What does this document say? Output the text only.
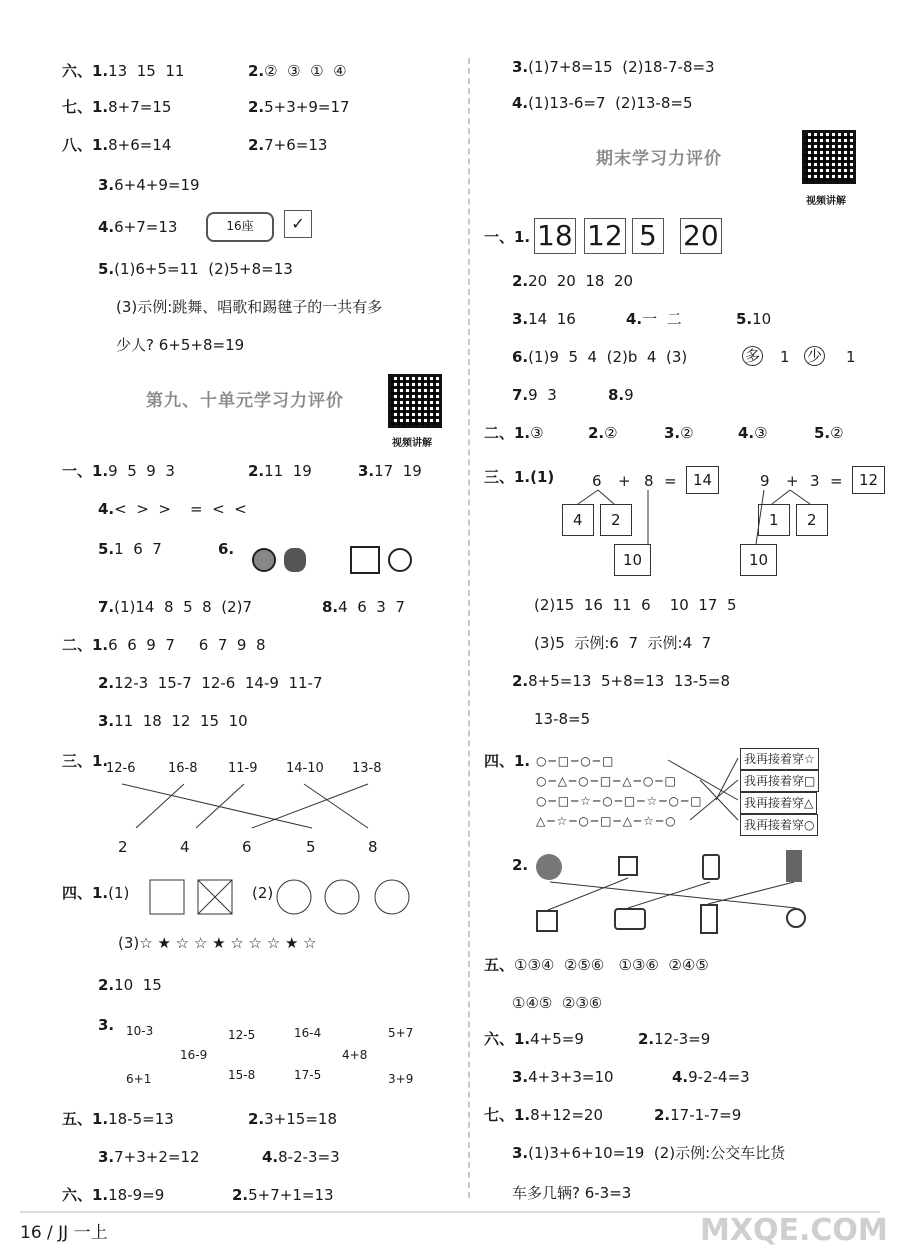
六、1.13  15  11	2.②  ③  ①  ④
七、1.8+7=15	2.5+3+9=17
八、1.8+6=14	2.7+6=13
3.6+4+9=19
4.6+7=13	16座	✓
5.(1)6+5=11  (2)5+8=13
(3)示例:跳舞、唱歌和踢毽子的一共有多
少人? 6+5+8=19
第九、十单元学习力评价
视频讲解
一、1.9  5  9  3	2.11  19	3.17  19
4.<  >  >    =  <  <
5.1  6  7	6.
7.(1)14  8  5  8  (2)7	8.4  6  3  7
二、1.6  6  9  7     6  7  9  8
2.12-3  15-7  12-6  14-9  11-7
3.11  18  12  15  10
三、1.
12-6 16-8 11-9 14-10 13-8
2	4	6	5	8
四、1.(1)	(2)
(3)☆ ★ ☆ ☆ ★ ☆ ☆ ☆ ★ ☆
2.10  15
3. 10-3
16-9
6+1
12-5
15-8
16-4
17-5
4+8
5+7
3+9
五、1.18-5=13	2.3+15=18
3.7+3+2=12	4.8-2-3=3
六、1.18-9=9	2.5+7+1=13
3.(1)7+8=15  (2)18-7-8=3
4.(1)13-6=7  (2)13-8=5
期末学习力评价
视频讲解
一、1. 18 12 5 20
2.20  20  18  20
3.14  16	4.一  二	5.10
6.(1)9  5  4  (2)b  4  (3)	多 1 少 1
7.9  3	8.9
二、1.③	2.②	3.②	4.③	5.②
三、1.(1)	6 + 8 =	14
4	2
10
9 + 3 =	12
1	2
10
(2)15  16  11  6    10  17  5
(3)5  示例:6  7  示例:4  7
2.8+5=13  5+8=13  13-5=8
13-8=5
四、1. ○─□─○─□
○─△─○─□─△─○─□
○─□─☆─○─□─☆─○─□
△─☆─○─□─△─☆─○
我再接着穿☆
我再接着穿□
我再接着穿△
我再接着穿○
2.
五、①③④  ②⑤⑥   ①③⑥  ②④⑤
①④⑤  ②③⑥
六、1.4+5=9	2.12-3=9
3.4+3+3=10	4.9-2-4=3
七、1.8+12=20	2.17-1-7=9
3.(1)3+6+10=19  (2)示例:公交车比货
车多几辆? 6-3=3
16 / JJ 一上	MXQE.COM
